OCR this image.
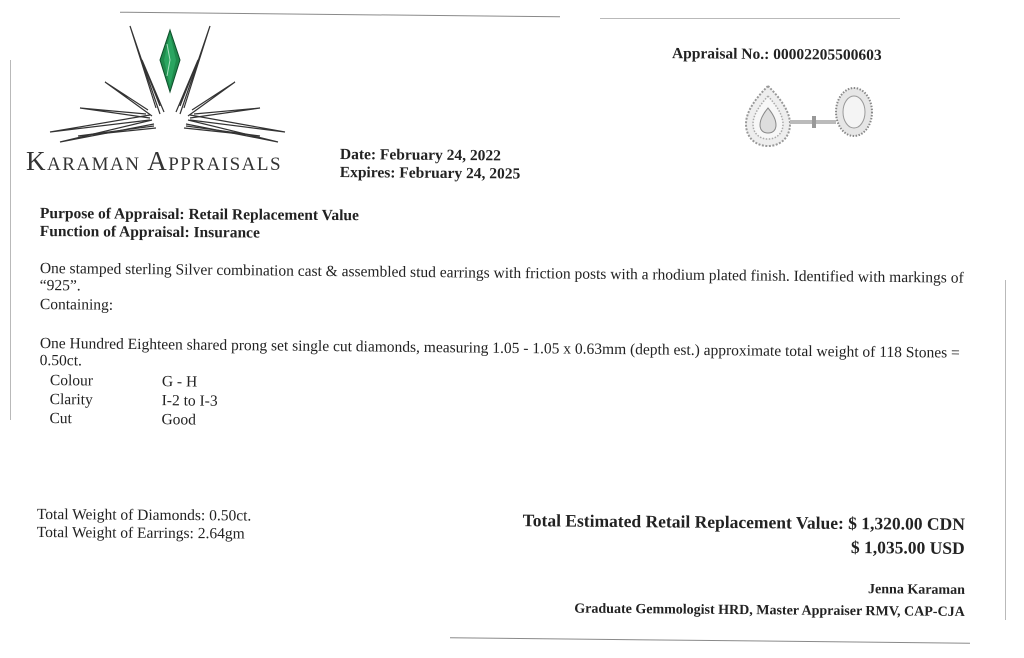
Karaman Appraisals	Date: February 24, 2022
Expires: February 24, 2025
Appraisal No.: 00002205500603
Purpose of Appraisal: Retail Replacement Value
Function of Appraisal: Insurance
One stamped sterling Silver combination cast & assembled stud earrings with friction posts with a rhodium plated finish. Identified with markings of “925”.
Containing:
One Hundred Eighteen shared prong set single cut diamonds, measuring 1.05 - 1.05 x 0.63mm (depth est.) approximate total weight of 118 Stones = 0.50ct.
Colour	G - H
Clarity	I-2 to I-3
Cut	Good
Total Weight of Diamonds: 0.50ct.
Total Weight of Earrings: 2.64gm	Total Estimated Retail Replacement Value: $ 1,320.00 CDN
$ 1,035.00 USD
Jenna Karaman
Graduate Gemmologist HRD, Master Appraiser RMV, CAP-CJA
